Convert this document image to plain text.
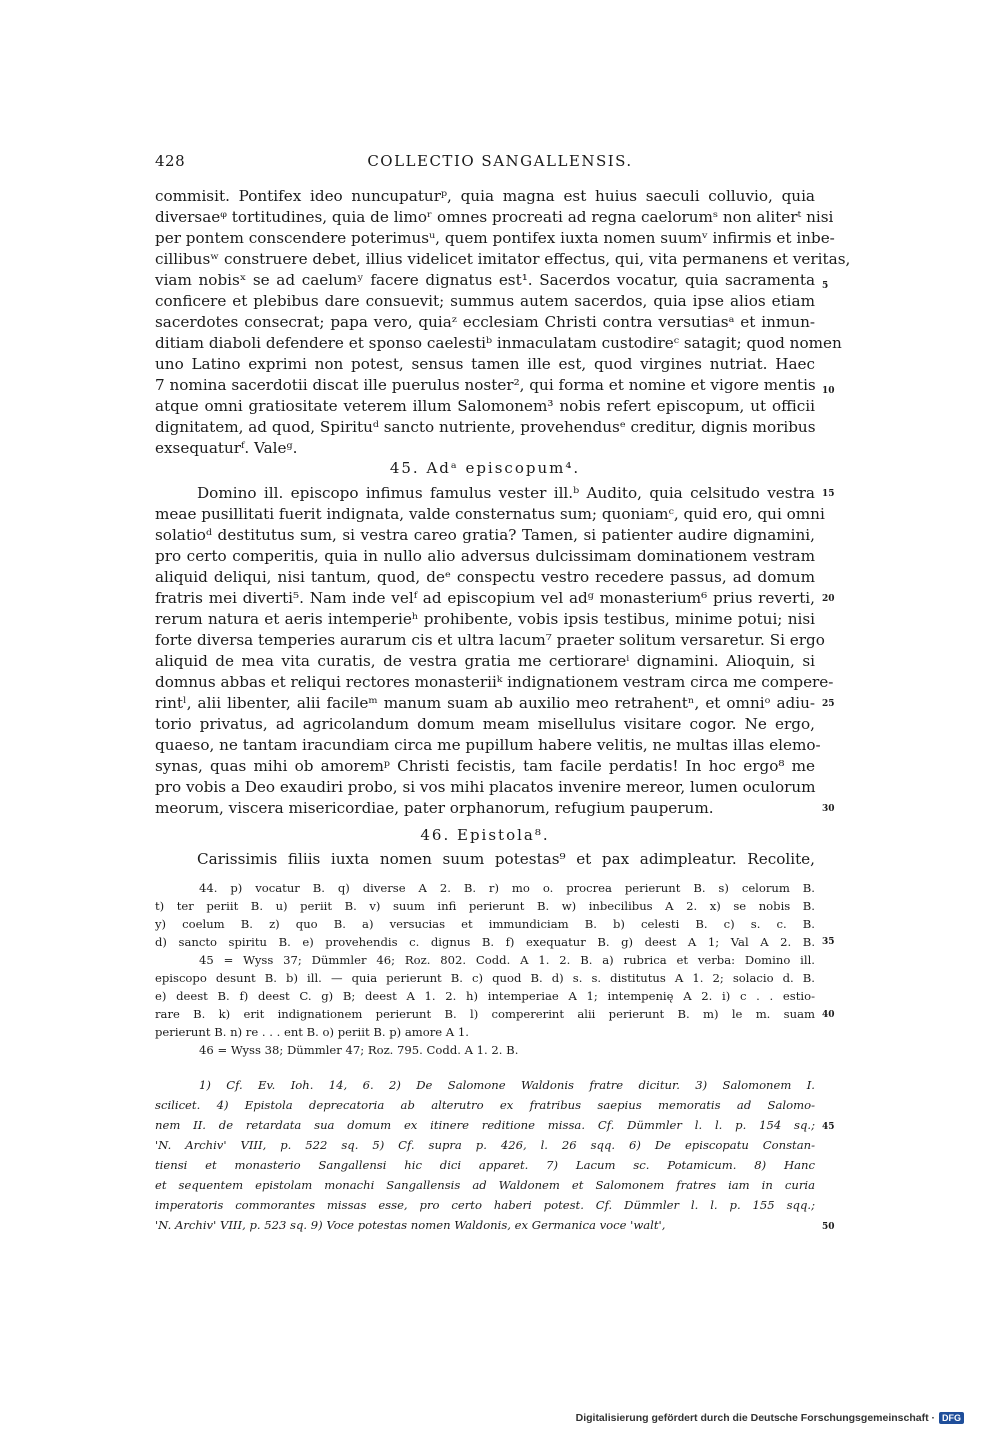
428	COLLECTIO SANGALLENSIS.
commisit. Pontifex ideo nuncupaturᵖ, quia magna est huius saeculi colluvio, quia
diversaeᵠ tortitudines, quia de limoʳ omnes procreati ad regna caelorumˢ non aliterᵗ nisi
per pontem conscendere poterimusᵘ, quem pontifex iuxta nomen suumᵛ infirmis et inbe-
cillibusʷ construere debet, illius videlicet imitator effectus, qui, vita permanens et veritas,
viam nobisˣ se ad caelumʸ facere dignatus est¹. Sacerdos vocatur, quia sacramenta
conficere et plebibus dare consuevit; summus autem sacerdos, quia ipse alios etiam
sacerdotes consecrat; papa vero, quiaᶻ ecclesiam Christi contra versutiasᵃ et inmun-
ditiam diaboli defendere et sponso caelestiᵇ inmaculatam custodireᶜ satagit; quod nomen
uno Latino exprimi non potest, sensus tamen ille est, quod virgines nutriat. Haec
7 nomina sacerdotii discat ille puerulus noster², qui forma et nomine et vigore mentis
atque omni gratiositate veterem illum Salomonem³ nobis refert episcopum, ut officii
dignitatem, ad quod, Spirituᵈ sancto nutriente, provehendusᵉ creditur, dignis moribus
exsequaturᶠ. Valeᵍ.
5
10
45. Adᵃ episcopum⁴.
Domino ill. episcopo infimus famulus vester ill.ᵇ Audito, quia celsitudo vestra
meae pusillitati fuerit indignata, valde consternatus sum; quoniamᶜ, quid ero, qui omni
solatioᵈ destitutus sum, si vestra careo gratia? Tamen, si patienter audire dignamini,
pro certo comperitis, quia in nullo alio adversus dulcissimam dominationem vestram
aliquid deliqui, nisi tantum, quod, deᵉ conspectu vestro recedere passus, ad domum
fratris mei diverti⁵. Nam inde velᶠ ad episcopium vel adᵍ monasterium⁶ prius reverti,
rerum natura et aeris intemperieʰ prohibente, vobis ipsis testibus, minime potui; nisi
forte diversa temperies aurarum cis et ultra lacum⁷ praeter solitum versaretur. Si ergo
aliquid de mea vita curatis, de vestra gratia me certiorareⁱ dignamini. Alioquin, si
domnus abbas et reliqui rectores monasteriiᵏ indignationem vestram circa me compere-
rintˡ, alii libenter, alii facileᵐ manum suam ab auxilio meo retrahentⁿ, et omniᵒ adiu-
torio privatus, ad agricolandum domum meam misellulus visitare cogor. Ne ergo,
quaeso, ne tantam iracundiam circa me pupillum habere velitis, ne multas illas elemo-
synas, quas mihi ob amoremᵖ Christi fecistis, tam facile perdatis! In hoc ergo⁸ me
pro vobis a Deo exaudiri probo, si vos mihi placatos invenire mereor, lumen oculorum
meorum, viscera misericordiae, pater orphanorum, refugium pauperum.
15
20
25
30
46. Epistola⁸.
Carissimis filiis iuxta nomen suum potestas⁹ et pax adimpleatur. Recolite,
44. p) vocatur B. q) diverse A 2. B. r) mo o. procrea perierunt B. s) celorum B.
t) ter periit B. u) periit B. v) suum infi perierunt B. w) inbecilibus A 2. x) se nobis B.
y) coelum B. z) quo B. a) versucias et immundiciam B. b) celesti B. c) s. c. B.
d) sancto spiritu B. e) provehendis c. dignus B. f) exequatur B. g) deest A 1; Val A 2. B.
45 = Wyss 37; Dümmler 46; Roz. 802. Codd. A 1. 2. B. a) rubrica et verba: Domino ill.
episcopo desunt B. b) ill. — quia perierunt B. c) quod B. d) s. s. distitutus A 1. 2; solacio d. B.
e) deest B. f) deest C. g) B; deest A 1. 2. h) intemperiae A 1; intempenię A 2. i) c . . estio-
rare B. k) erit indignationem perierunt B. l) compererint alii perierunt B. m) le m. suam
perierunt B. n) re . . . ent B. o) periit B. p) amore A 1.
46 = Wyss 38; Dümmler 47; Roz. 795. Codd. A 1. 2. B.
35
40
1) Cf. Ev. Ioh. 14, 6. 2) De Salomone Waldonis fratre dicitur. 3) Salomonem I.
scilicet. 4) Epistola deprecatoria ab alterutro ex fratribus saepius memoratis ad Salomo-
nem II. de retardata sua domum ex itinere reditione missa. Cf. Dümmler l. l. p. 154 sq.;
'N. Archiv' VIII, p. 522 sq. 5) Cf. supra p. 426, l. 26 sqq. 6) De episcopatu Constan-
tiensi et monasterio Sangallensi hic dici apparet. 7) Lacum sc. Potamicum. 8) Hanc
et sequentem epistolam monachi Sangallensis ad Waldonem et Salomonem fratres iam in curia
imperatoris commorantes missas esse, pro certo haberi potest. Cf. Dümmler l. l. p. 155 sqq.;
'N. Archiv' VIII, p. 523 sq. 9) Voce potestas nomen Waldonis, ex Germanica voce 'walt',
45
50
Digitalisierung gefördert durch die Deutsche Forschungsgemeinschaft · DFG
